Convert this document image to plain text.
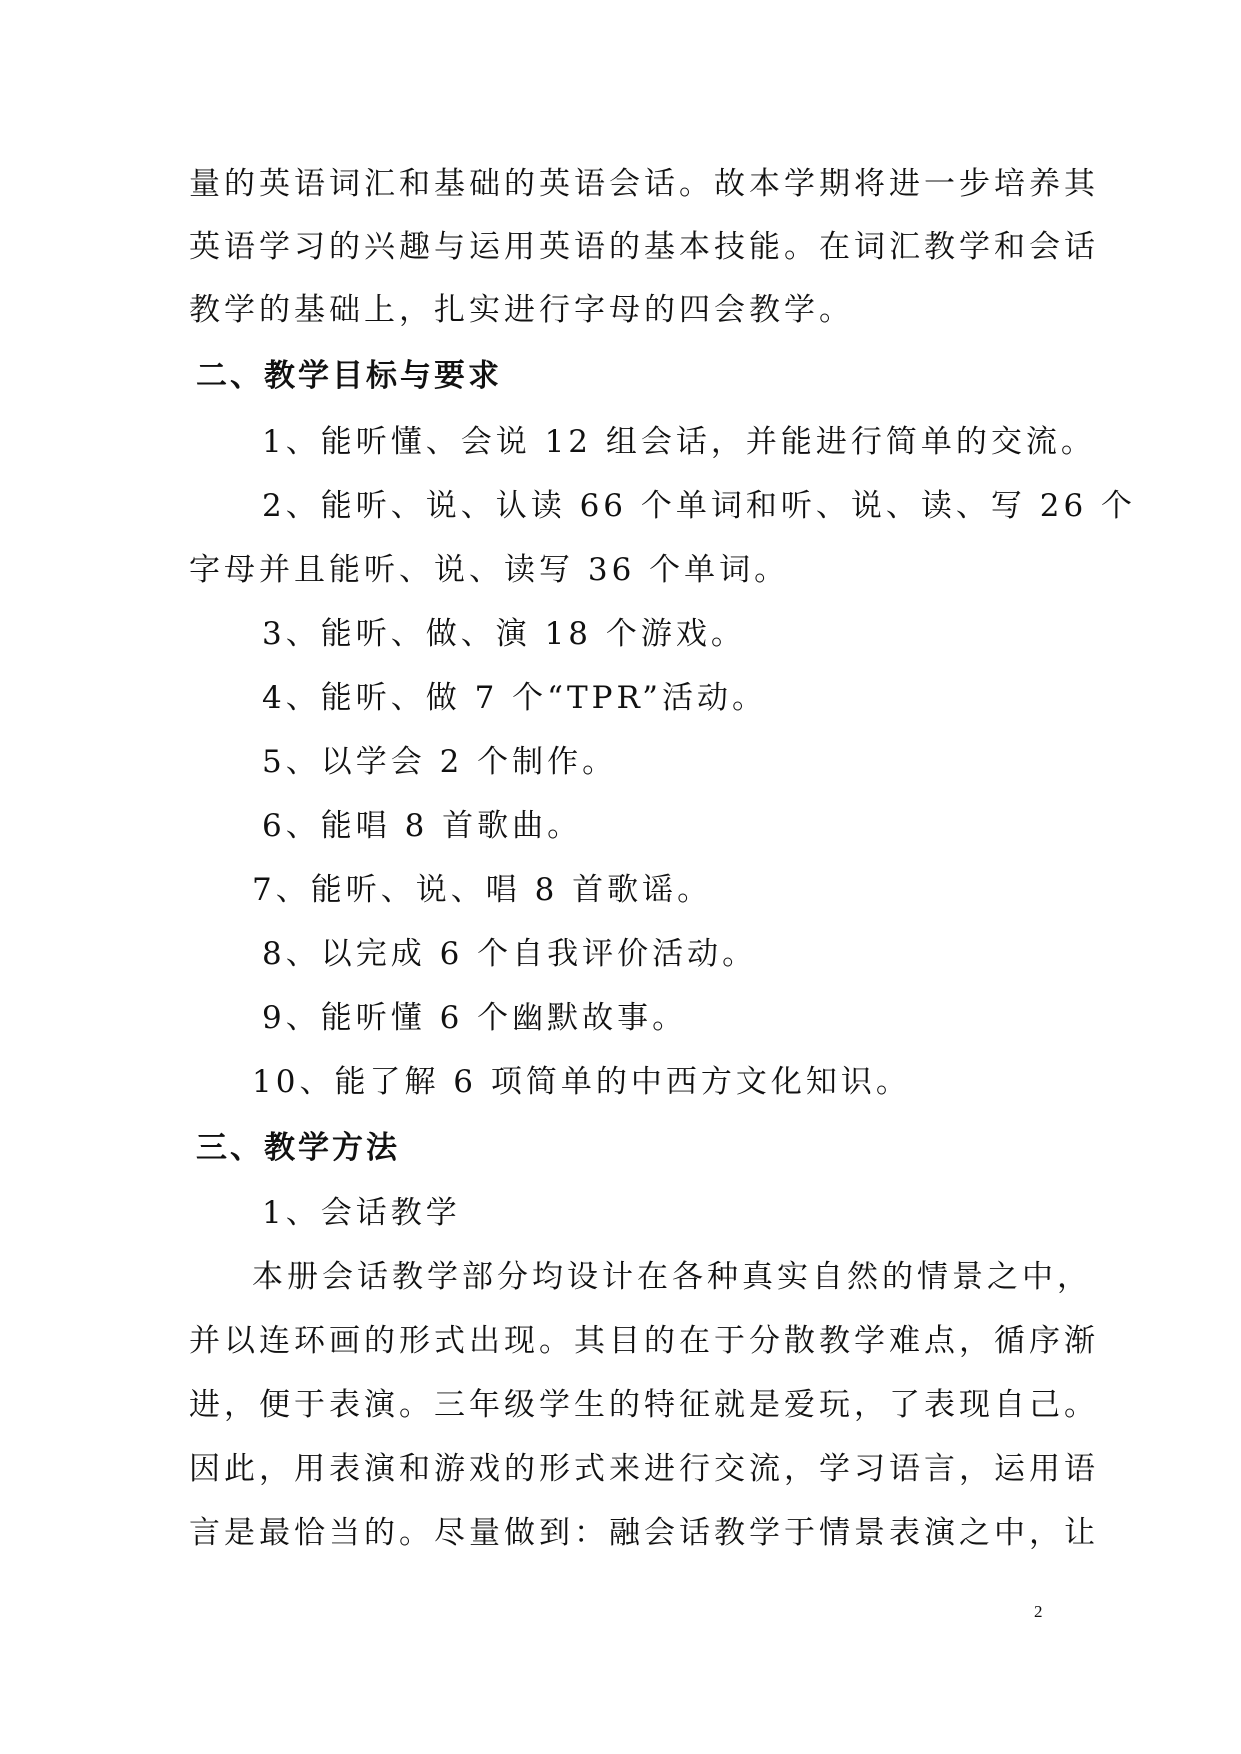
量的英语词汇和基础的英语会话。故本学期将进一步培养其
英语学习的兴趣与运用英语的基本技能。在词汇教学和会话
教学的基础上，扎实进行字母的四会教学。
二、教学目标与要求
1、能听懂、会说 12 组会话，并能进行简单的交流。
2、能听、说、认读 66 个单词和听、说、读、写 26 个
字母并且能听、说、读写 36 个单词。
3、能听、做、演 18 个游戏。
4、能听、做 7 个“TPR”活动。
5、以学会 2 个制作。
6、能唱 8 首歌曲。
7、能听、说、唱 8 首歌谣。
8、以完成 6 个自我评价活动。
9、能听懂 6 个幽默故事。
10、能了解 6 项简单的中西方文化知识。
三、教学方法
1、会话教学
本册会话教学部分均设计在各种真实自然的情景之中，
并以连环画的形式出现。其目的在于分散教学难点，循序渐
进，便于表演。三年级学生的特征就是爱玩，了表现自己。
因此，用表演和游戏的形式来进行交流，学习语言，运用语
言是最恰当的。尽量做到：融会话教学于情景表演之中，让
2
